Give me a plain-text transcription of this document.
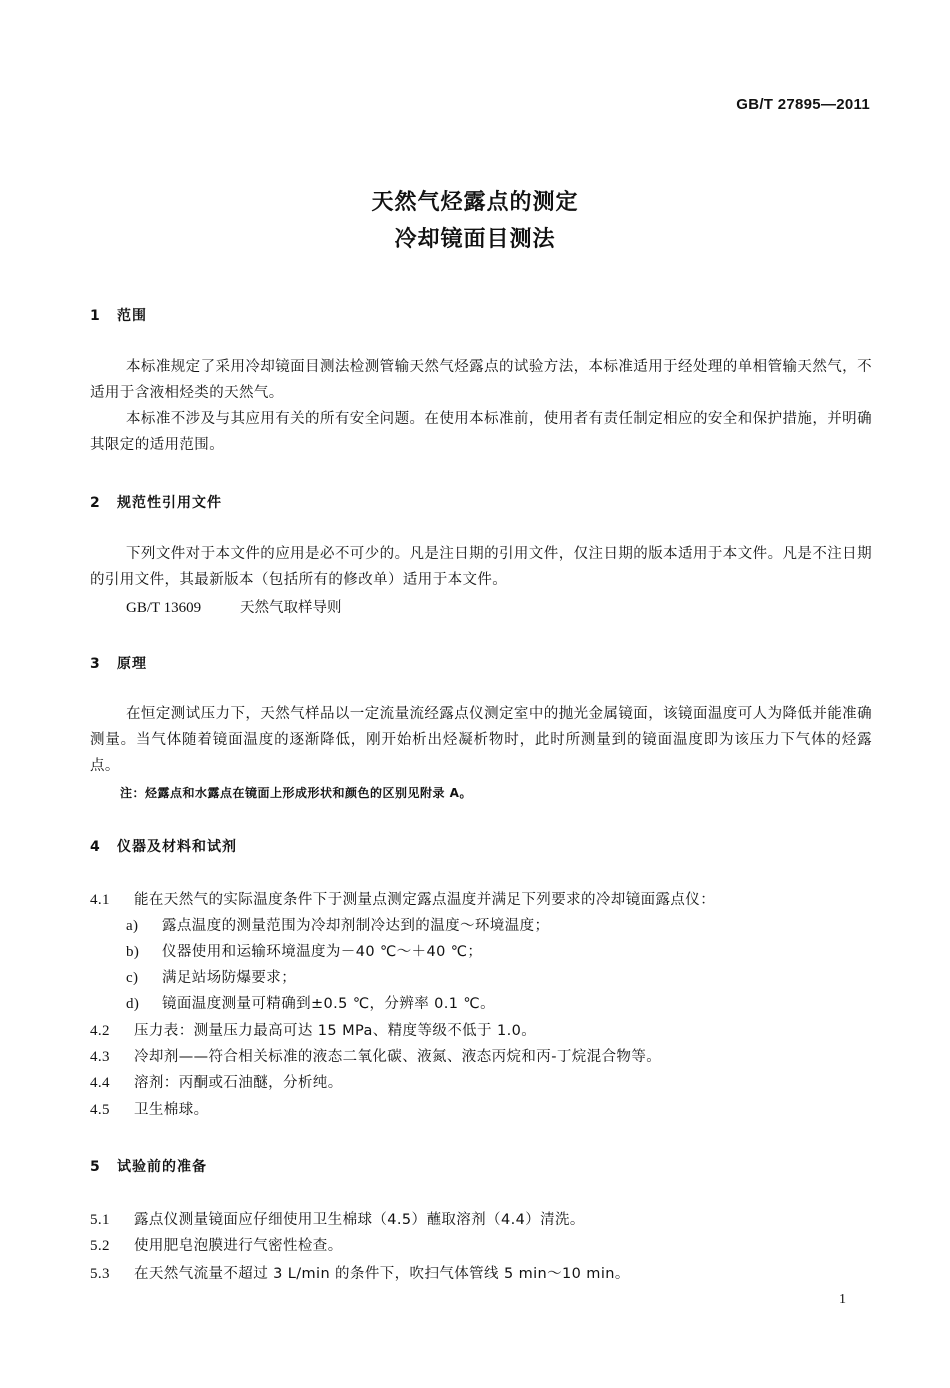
GB/T 27895—2011
天然气烃露点的测定
冷却镜面目测法
1 范围
本标准规定了采用冷却镜面目测法检测管输天然气烃露点的试验方法，本标准适用于经处理的单相管输天然气，不适用于含液相烃类的天然气。
本标准不涉及与其应用有关的所有安全问题。在使用本标准前，使用者有责任制定相应的安全和保护措施，并明确其限定的适用范围。
2 规范性引用文件
下列文件对于本文件的应用是必不可少的。凡是注日期的引用文件，仅注日期的版本适用于本文件。凡是不注日期的引用文件，其最新版本（包括所有的修改单）适用于本文件。
GB/T 13609	天然气取样导则
3 原理
在恒定测试压力下，天然气样品以一定流量流经露点仪测定室中的抛光金属镜面，该镜面温度可人为降低并能准确测量。当气体随着镜面温度的逐渐降低，刚开始析出烃凝析物时，此时所测量到的镜面温度即为该压力下气体的烃露点。
注：烃露点和水露点在镜面上形成形状和颜色的区别见附录 A。
4 仪器及材料和试剂
4.1 能在天然气的实际温度条件下于测量点测定露点温度并满足下列要求的冷却镜面露点仪：
a) 露点温度的测量范围为冷却剂制冷达到的温度～环境温度；
b) 仪器使用和运输环境温度为－40 ℃～＋40 ℃；
c) 满足站场防爆要求；
d) 镜面温度测量可精确到±0.5 ℃，分辨率 0.1 ℃。
4.2 压力表：测量压力最高可达 15 MPa、精度等级不低于 1.0。
4.3 冷却剂——符合相关标准的液态二氧化碳、液氮、液态丙烷和丙-丁烷混合物等。
4.4 溶剂：丙酮或石油醚，分析纯。
4.5 卫生棉球。
5 试验前的准备
5.1 露点仪测量镜面应仔细使用卫生棉球（4.5）蘸取溶剂（4.4）清洗。
5.2 使用肥皂泡膜进行气密性检查。
5.3 在天然气流量不超过 3 L/min 的条件下，吹扫气体管线 5 min～10 min。
1
